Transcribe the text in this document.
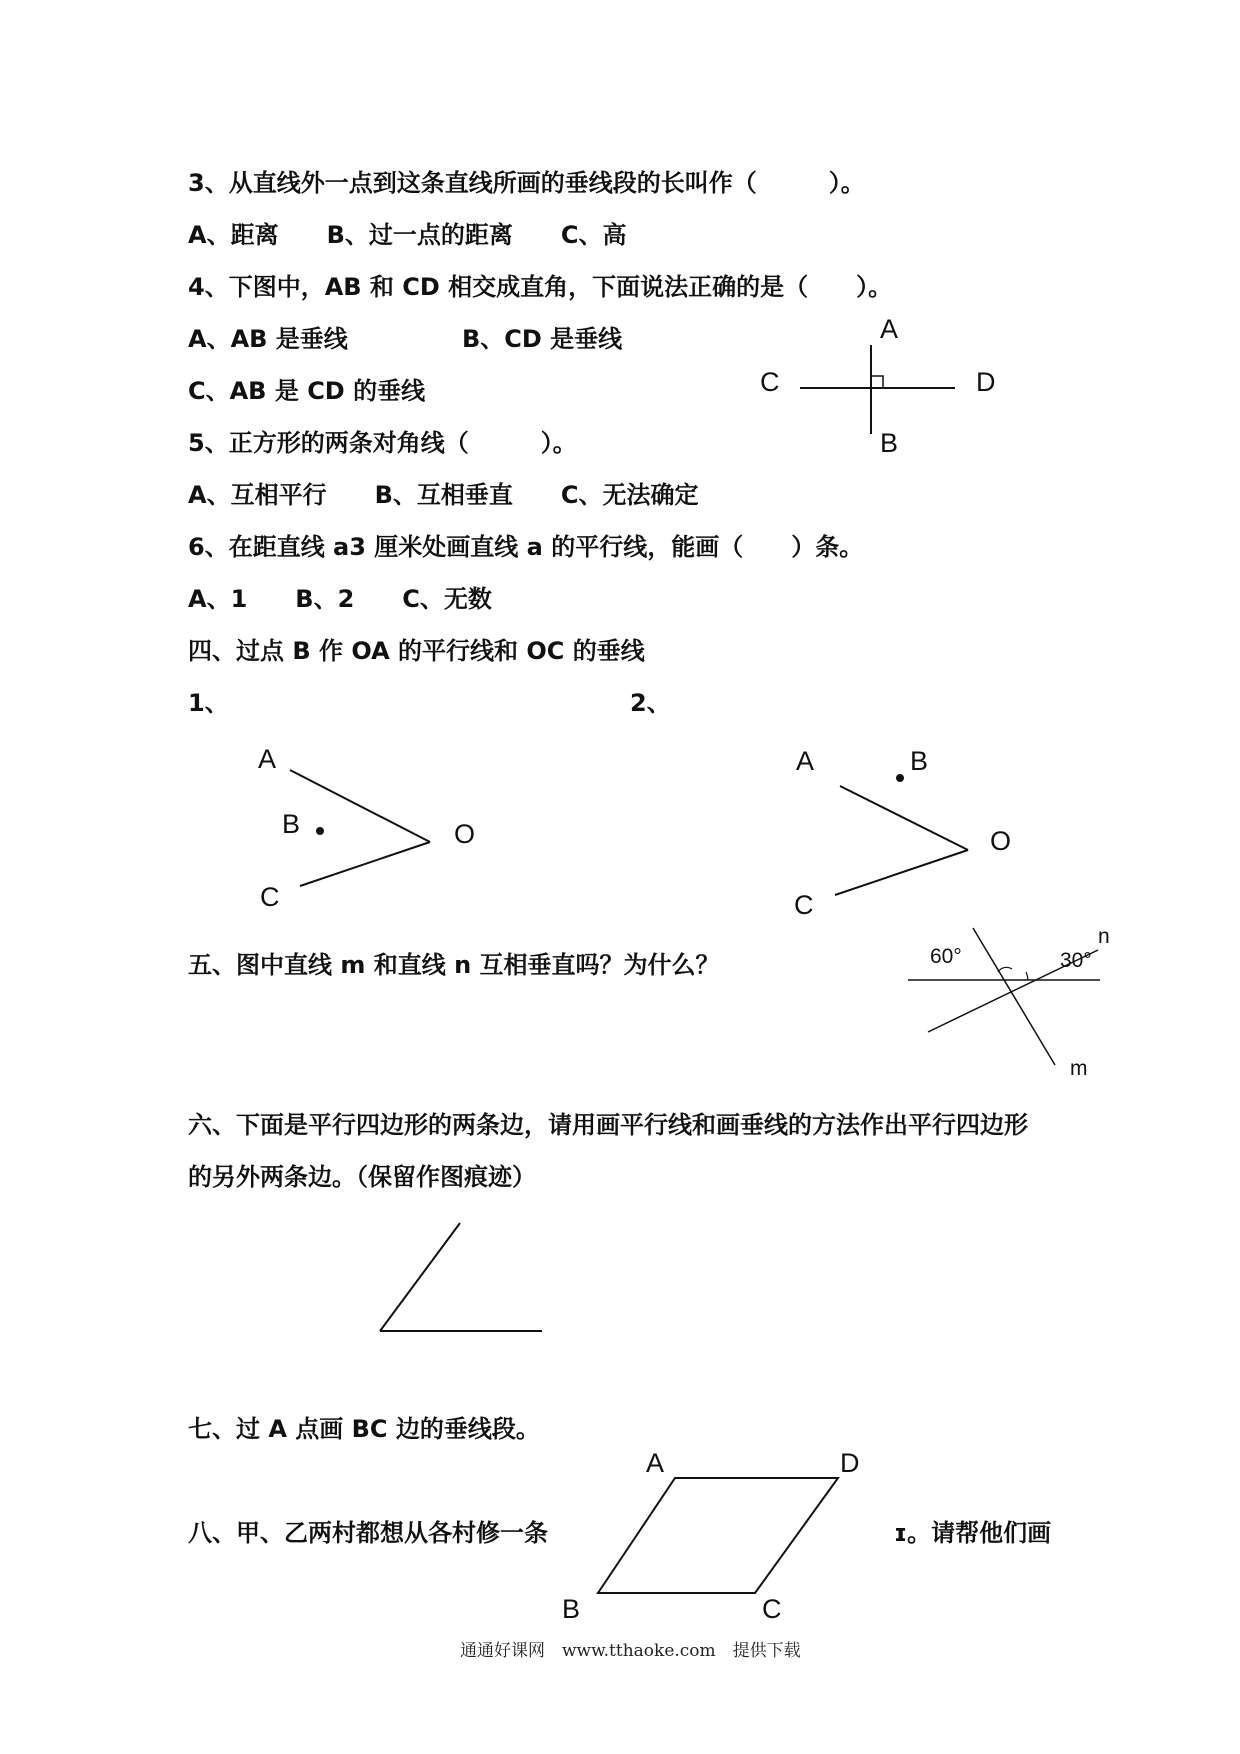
3、从直线外一点到这条直线所画的垂线段的长叫作（　　　）。
A、距离　　B、过一点的距离　　C、高
4、下图中，AB 和 CD 相交成直角，下面说法正确的是（　　）。
A、AB 是垂线	B、CD 是垂线
C、AB 是 CD 的垂线
5、正方形的两条对角线（　　　）。
A、互相平行　　B、互相垂直　　C、无法确定
6、在距直线 a3 厘米处画直线 a 的平行线，能画（　　）条。
A、1　　B、2　　C、无数
四、过点 B 作 OA 的平行线和 OC 的垂线
1、	2、
五、图中直线 m 和直线 n 互相垂直吗？为什么？
六、下面是平行四边形的两条边，请用画平行线和画垂线的方法作出平行四边形
的另外两条边。（保留作图痕迹）
七、过 A 点画 BC 边的垂线段。
八、甲、乙两村都想从各村修一条	ɪ。请帮他们画
A
C	D
B
A
B	O
C
A	B
O
C
60°	30°
n
m
A	D
B	C
通通好课网　www.tthaoke.com　提供下载
